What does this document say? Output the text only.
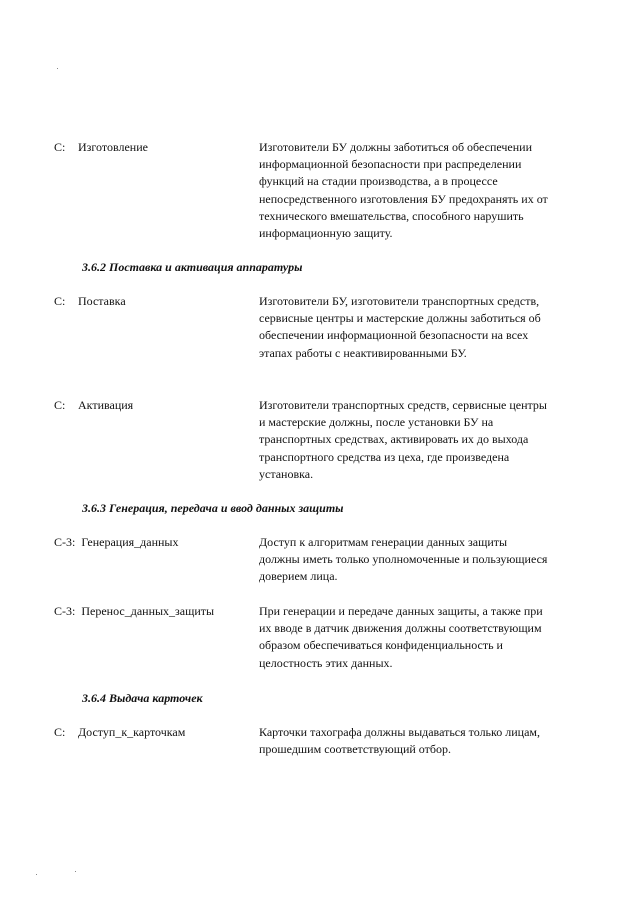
C: Изготовление	Изготовители БУ должны заботиться об обеспечении информационной безопасности при распределении функций на стадии производства, а в процессе непосредственного изготовления БУ предохранять их от технического вмешательства, способного нарушить информационную защиту.
3.6.2 Поставка и активация аппаратуры
C: Поставка	Изготовители БУ, изготовители транспортных средств, сервисные центры и мастерские должны заботиться об обеспечении информационной безопасности на всех этапах работы с неактивированными БУ.
C: Активация	Изготовители транспортных средств, сервисные центры и мастерские должны, после установки БУ на транспортных средствах, активировать их до выхода транспортного средства из цеха, где произведена установка.
3.6.3 Генерация, передача и ввод данных защиты
C-3: Генерация_данных	Доступ к алгоритмам генерации данных защиты должны иметь только уполномоченные и пользующиеся доверием лица.
C-3: Перенос_данных_защиты	При генерации и передаче данных защиты, а также при их вводе в датчик движения должны соответствующим образом обеспечиваться конфиденциальность и целостность этих данных.
3.6.4 Выдача карточек
C: Доступ_к_карточкам	Карточки тахографа должны выдаваться только лицам, прошедшим соответствующий отбор.
